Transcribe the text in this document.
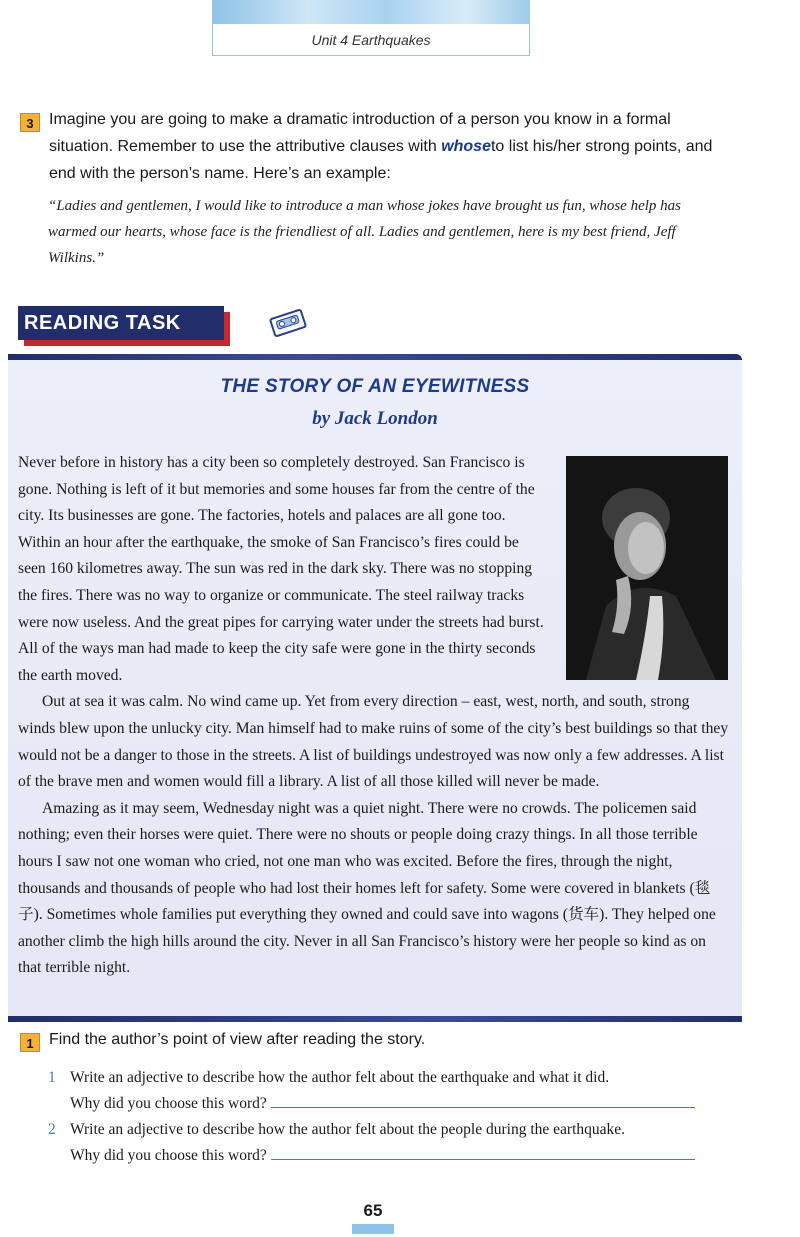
Unit 4 Earthquakes
3 Imagine you are going to make a dramatic introduction of a person you know in a formal situation. Remember to use the attributive clauses with whoseto list his/her strong points, and end with the person’s name. Here’s an example:
“Ladies and gentlemen, I would like to introduce a man whose jokes have brought us fun, whose help has warmed our hearts, whose face is the friendliest of all. Ladies and gentlemen, here is my best friend, Jeff Wilkins.”
READING TASK
THE STORY OF AN EYEWITNESS
by Jack London

Never before in history has a city been so completely destroyed. San Francisco is gone. Nothing is left of it but memories and some houses far from the centre of the city. Its businesses are gone. The factories, hotels and palaces are all gone too. Within an hour after the earthquake, the smoke of San Francisco’s fires could be seen 160 kilometres away. The sun was red in the dark sky. There was no stopping the fires. There was no way to organize or communicate. The steel railway tracks were now useless. And the great pipes for carrying water under the streets had burst. All of the ways man had made to keep the city safe were gone in the thirty seconds the earth moved.

Out at sea it was calm. No wind came up. Yet from every direction – east, west, north, and south, strong winds blew upon the unlucky city. Man himself had to make ruins of some of the city’s best buildings so that they would not be a danger to those in the streets. A list of buildings undestroyed was now only a few addresses. A list of the brave men and women would fill a library. A list of all those killed will never be made.

Amazing as it may seem, Wednesday night was a quiet night. There were no crowds. The policemen said nothing; even their horses were quiet. There were no shouts or people doing crazy things. In all those terrible hours I saw not one woman who cried, not one man who was excited. Before the fires, through the night, thousands and thousands of people who had lost their homes left for safety. Some were covered in blankets (毯子). Sometimes whole families put everything they owned and could save into wagons (货车). They helped one another climb the high hills around the city. Never in all San Francisco’s history were her people so kind as on that terrible night.

1 Find the author’s point of view after reading the story.
1 Write an adjective to describe how the author felt about the earthquake and what it did.
Why did you choose this word?
2 Write an adjective to describe how the author felt about the people during the earthquake.
Why did you choose this word?
65
